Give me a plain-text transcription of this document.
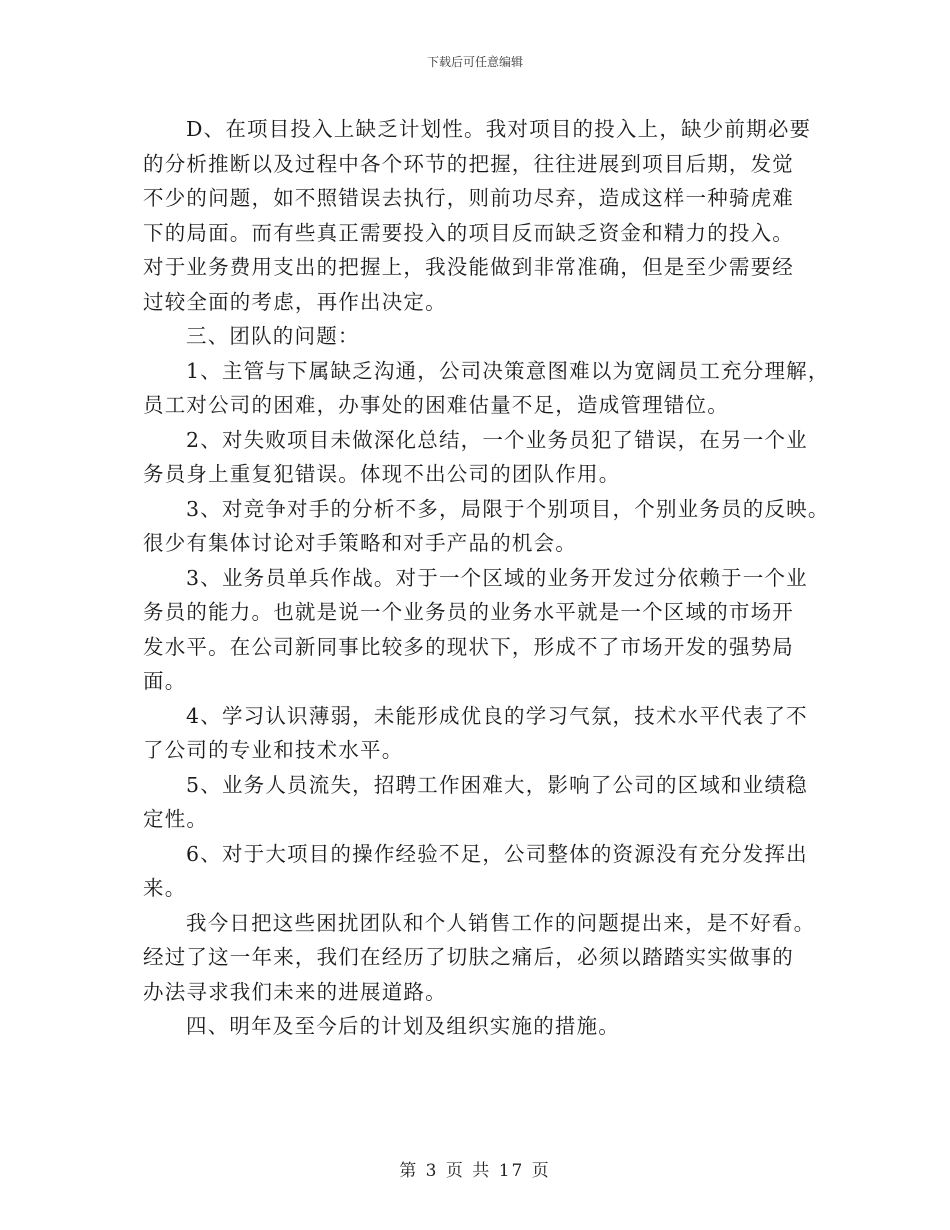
下载后可任意编辑
D、在项目投入上缺乏计划性。我对项目的投入上，缺少前期必要
的分析推断以及过程中各个环节的把握，往往进展到项目后期，发觉
不少的问题，如不照错误去执行，则前功尽弃，造成这样一种骑虎难
下的局面。而有些真正需要投入的项目反而缺乏资金和精力的投入。
对于业务费用支出的把握上，我没能做到非常准确，但是至少需要经
过较全面的考虑，再作出决定。
三、团队的问题：
1、主管与下属缺乏沟通，公司决策意图难以为宽阔员工充分理解，
员工对公司的困难，办事处的困难估量不足，造成管理错位。
2、对失败项目未做深化总结，一个业务员犯了错误，在另一个业
务员身上重复犯错误。体现不出公司的团队作用。
3、对竞争对手的分析不多，局限于个别项目，个别业务员的反映。
很少有集体讨论对手策略和对手产品的机会。
3、业务员单兵作战。对于一个区域的业务开发过分依赖于一个业
务员的能力。也就是说一个业务员的业务水平就是一个区域的市场开
发水平。在公司新同事比较多的现状下，形成不了市场开发的强势局
面。
4、学习认识薄弱，未能形成优良的学习气氛，技术水平代表了不
了公司的专业和技术水平。
5、业务人员流失，招聘工作困难大，影响了公司的区域和业绩稳
定性。
6、对于大项目的操作经验不足，公司整体的资源没有充分发挥出
来。
我今日把这些困扰团队和个人销售工作的问题提出来，是不好看。
经过了这一年来，我们在经历了切肤之痛后，必须以踏踏实实做事的
办法寻求我们未来的进展道路。
四、明年及至今后的计划及组织实施的措施。
第 3 页 共 17 页
